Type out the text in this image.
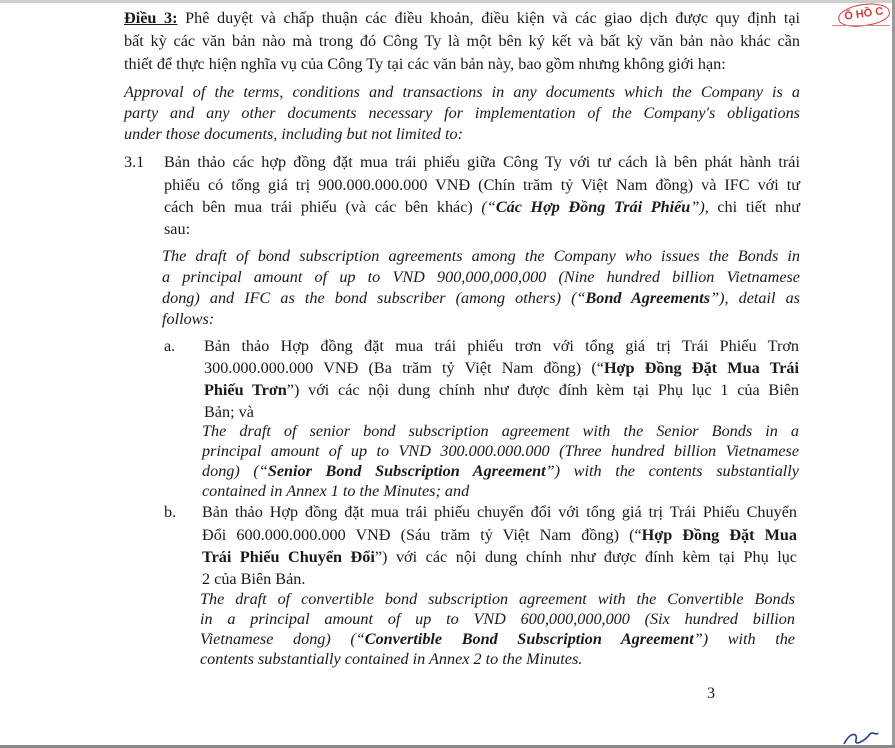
Ố HỒ C
Điều 3: Phê duyệt và chấp thuận các điều khoản, điều kiện và các giao dịch được quy định tại
bất kỳ các văn bản nào mà trong đó Công Ty là một bên ký kết và bất kỳ văn bản nào khác cần
thiết để thực hiện nghĩa vụ của Công Ty tại các văn bản này, bao gồm nhưng không giới hạn:
Approval of the terms, conditions and transactions in any documents which the Company is a
party and any other documents necessary for implementation of the Company's obligations
under those documents, including but not limited to:
3.1 Bản thảo các hợp đồng đặt mua trái phiếu giữa Công Ty với tư cách là bên phát hành trái
phiếu có tổng giá trị 900.000.000.000 VNĐ (Chín trăm tỷ Việt Nam đồng) và IFC với tư
cách bên mua trái phiếu (và các bên khác) (“Các Hợp Đồng Trái Phiếu”), chi tiết như
sau:
The draft of bond subscription agreements among the Company who issues the Bonds in
a principal amount of up to VND 900,000,000,000 (Nine hundred billion Vietnamese
dong) and IFC as the bond subscriber (among others) (“Bond Agreements”), detail as
follows:
a. Bản thảo Hợp đồng đặt mua trái phiếu trơn với tổng giá trị Trái Phiếu Trơn
300.000.000.000 VNĐ (Ba trăm tỷ Việt Nam đồng) (“Hợp Đồng Đặt Mua Trái
Phiếu Trơn”) với các nội dung chính như được đính kèm tại Phụ lục 1 của Biên
Bản; và
The draft of senior bond subscription agreement with the Senior Bonds in a
principal amount of up to VND 300.000.000.000 (Three hundred billion Vietnamese
dong) (“Senior Bond Subscription Agreement”) with the contents substantially
contained in Annex 1 to the Minutes; and
b. Bản thảo Hợp đồng đặt mua trái phiếu chuyển đổi với tổng giá trị Trái Phiếu Chuyển
Đổi 600.000.000.000 VNĐ (Sáu trăm tỷ Việt Nam đồng) (“Hợp Đồng Đặt Mua
Trái Phiếu Chuyển Đổi”) với các nội dung chính như được đính kèm tại Phụ lục
2 của Biên Bản.
The draft of convertible bond subscription agreement with the Convertible Bonds
in a principal amount of up to VND 600,000,000,000 (Six hundred billion
Vietnamese dong) (“Convertible Bond Subscription Agreement”) with the
contents substantially contained in Annex 2 to the Minutes.
3
